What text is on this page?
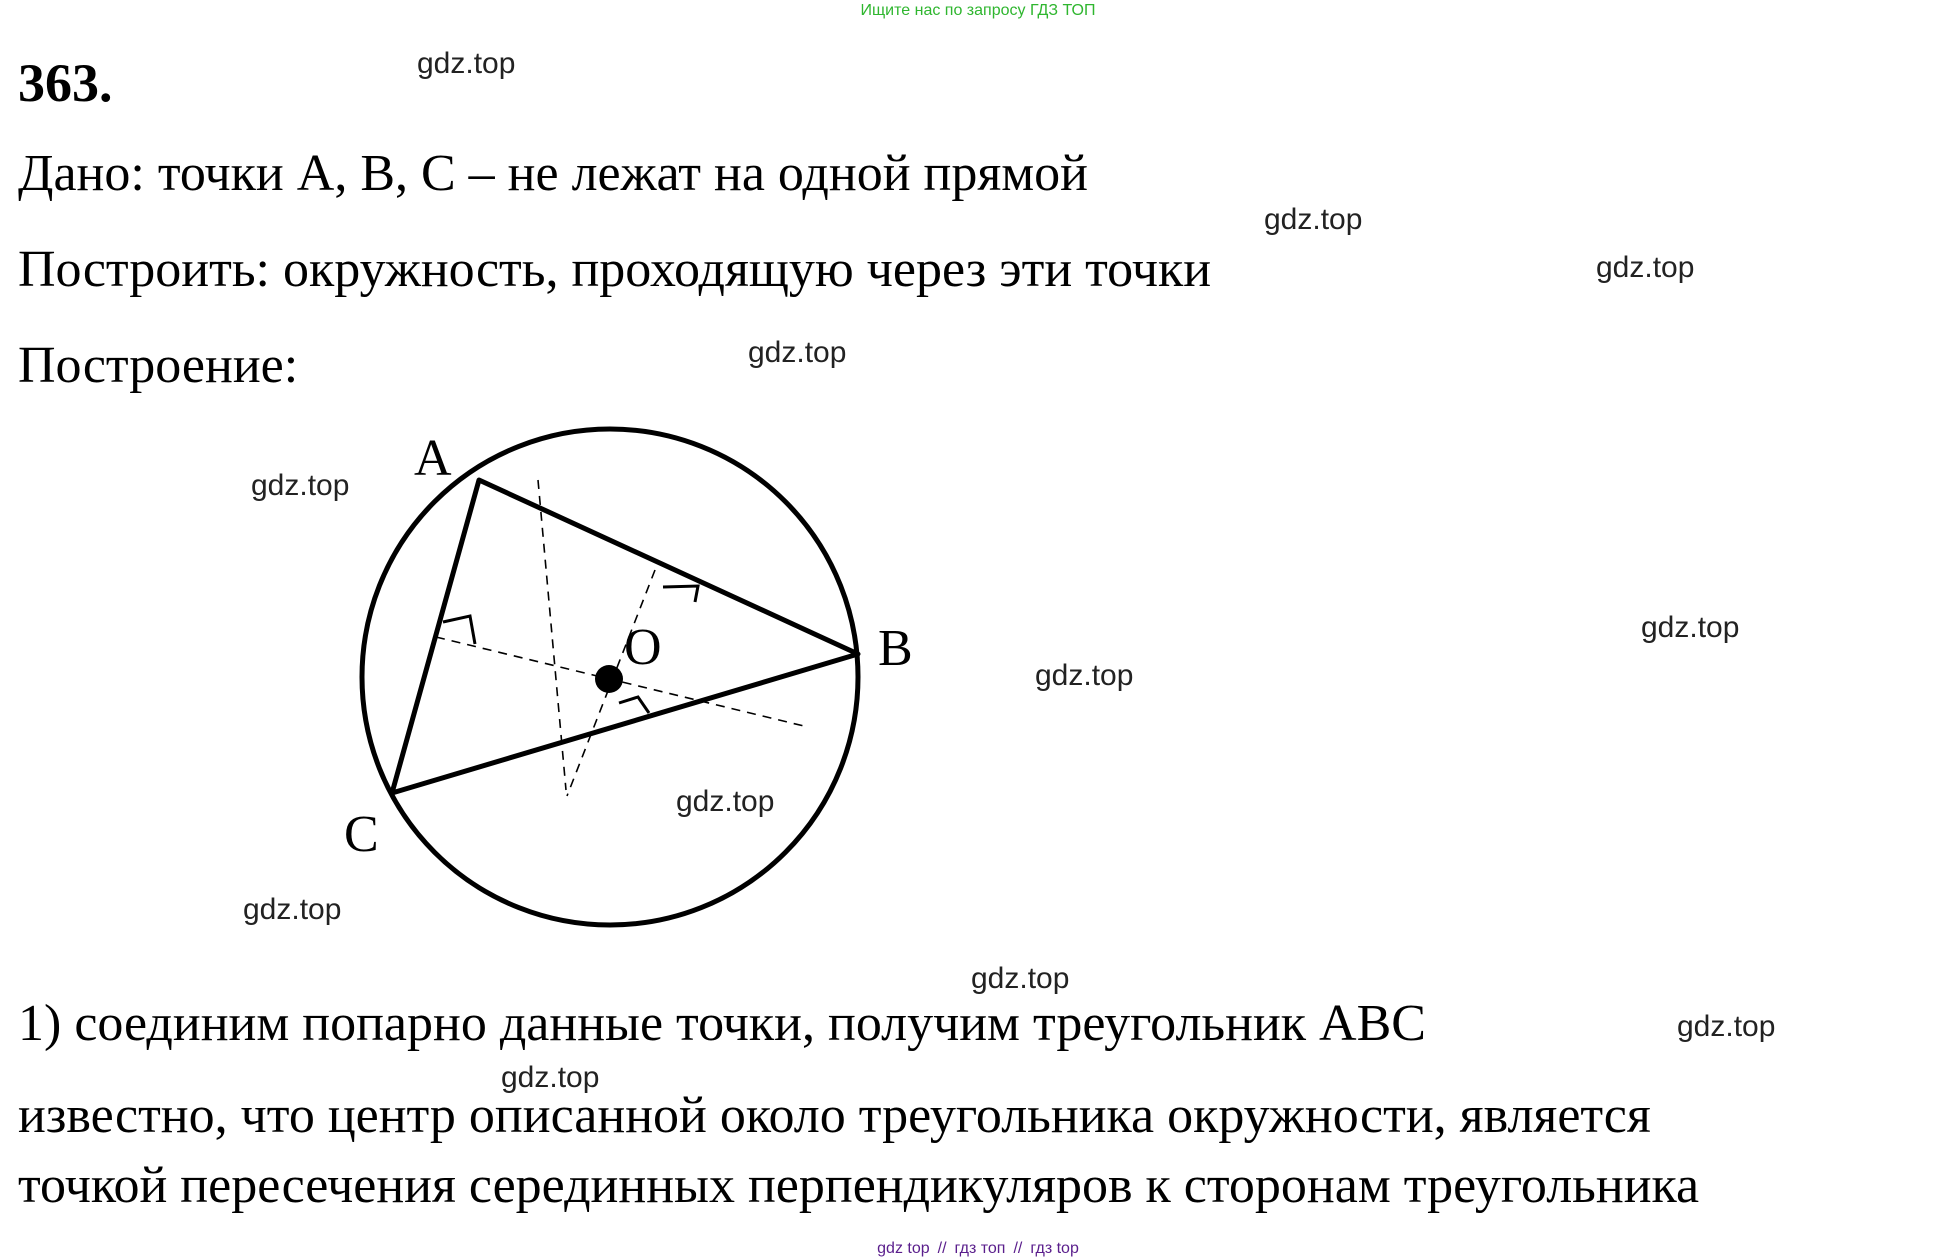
Ищите нас по запросу ГДЗ ТОП
363.
Дано: точки A, B, C – не лежат на одной прямой
Построить: окружность, проходящую через эти точки
Построение:
A
B
C
O
1) соединим попарно данные точки, получим треугольник ABC
известно, что центр описанной около треугольника окружности, является
точкой пересечения серединных перпендикуляров к сторонам треугольника
gdz.top
gdz.top
gdz.top
gdz.top
gdz.top
gdz.top
gdz.top
gdz.top
gdz.top
gdz.top
gdz.top
gdz.top
gdz top // гдз топ // гдз top
